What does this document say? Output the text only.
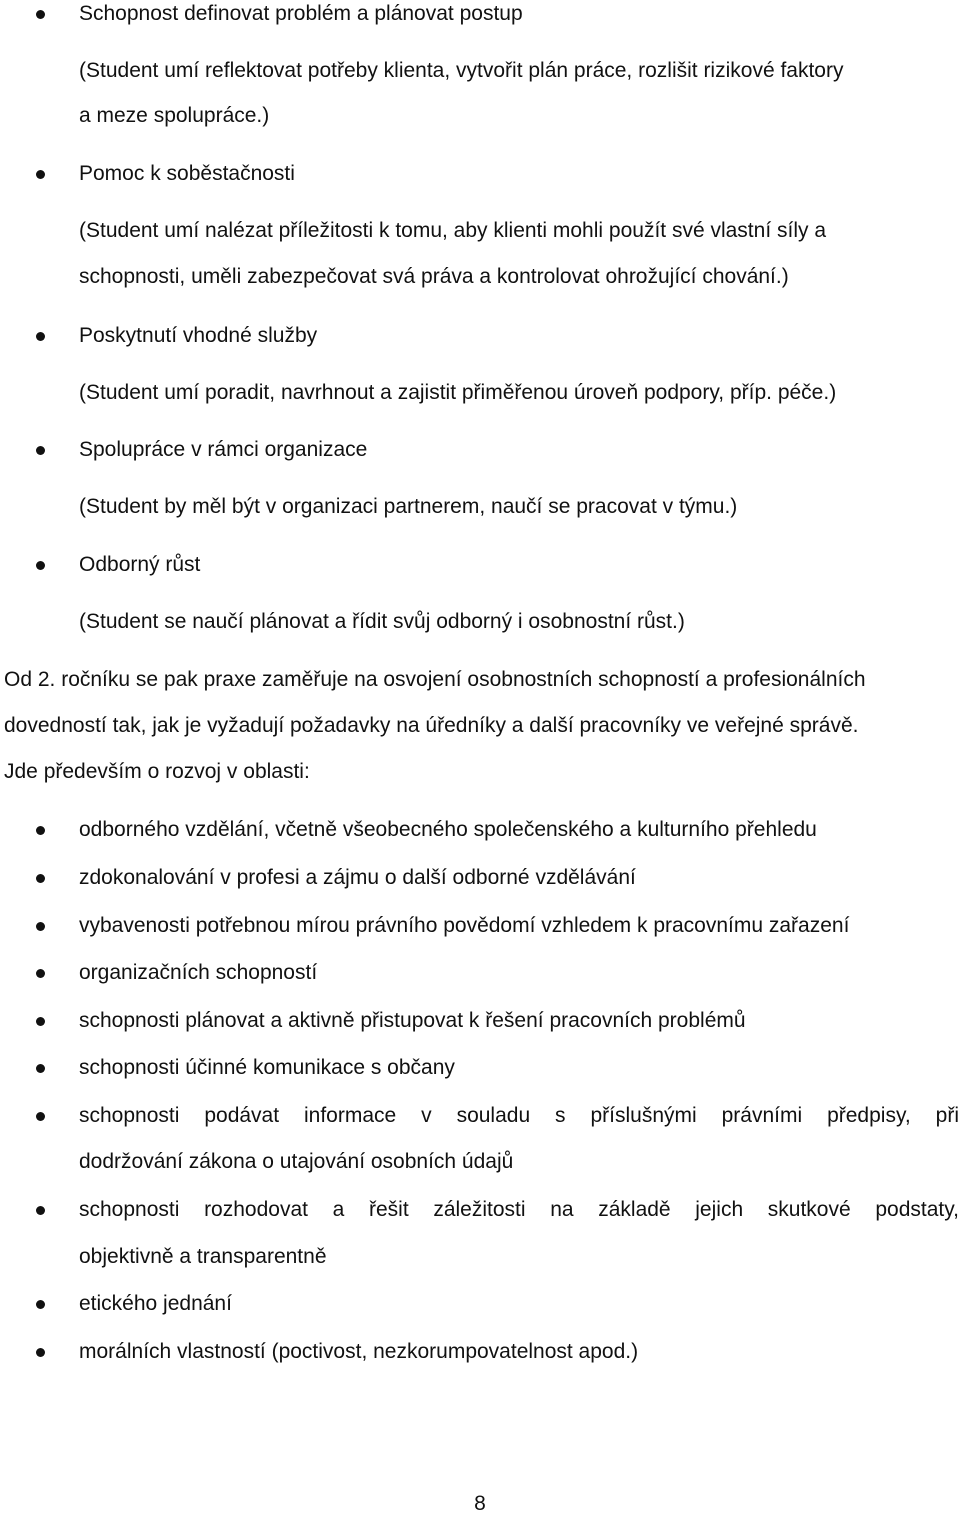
Schopnost definovat problém a plánovat postup
(Student umí reflektovat potřeby klienta, vytvořit plán práce, rozlišit rizikové faktory
a meze spolupráce.)
Pomoc k soběstačnosti
(Student umí nalézat příležitosti k tomu, aby klienti mohli použít své vlastní síly a
schopnosti, uměli zabezpečovat svá práva a kontrolovat ohrožující chování.)
Poskytnutí vhodné služby
(Student umí poradit, navrhnout a zajistit přiměřenou úroveň podpory, příp. péče.)
Spolupráce v rámci organizace
(Student by měl být v organizaci partnerem, naučí se pracovat v týmu.)
Odborný růst
(Student se naučí plánovat a řídit svůj odborný i osobnostní růst.)
Od 2. ročníku se pak praxe zaměřuje na osvojení osobnostních schopností a profesionálních
dovedností tak, jak je vyžadují požadavky na úředníky a další pracovníky ve veřejné správě.
Jde především o rozvoj v oblasti:
odborného vzdělání, včetně všeobecného společenského a kulturního přehledu
zdokonalování v profesi a zájmu o další odborné vzdělávání
vybavenosti potřebnou mírou právního povědomí vzhledem k pracovnímu zařazení
organizačních schopností
schopnosti plánovat a aktivně přistupovat k řešení pracovních problémů
schopnosti účinné komunikace s občany
schopnosti podávat informace v souladu s příslušnými právními předpisy, při
dodržování zákona o utajování osobních údajů
schopnosti rozhodovat a řešit záležitosti na základě jejich skutkové podstaty,
objektivně a transparentně
etického jednání
morálních vlastností (poctivost, nezkorumpovatelnost apod.)
8
